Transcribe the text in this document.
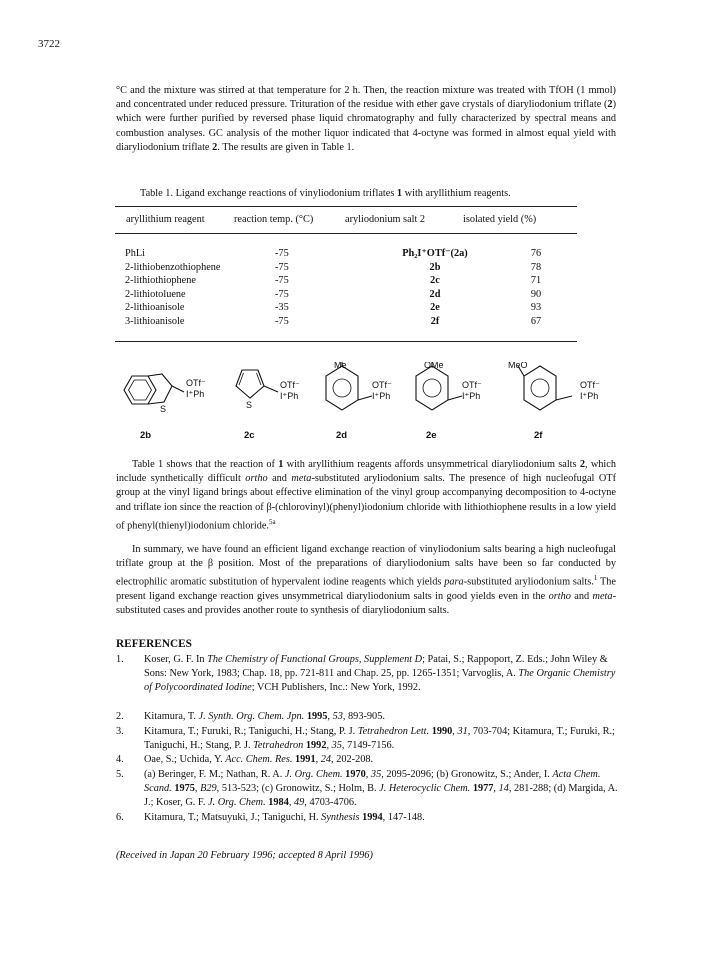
3722

°C and the mixture was stirred at that temperature for 2 h. Then, the reaction mixture was treated with TfOH (1 mmol) and concentrated under reduced pressure. Trituration of the residue with ether gave crystals of diaryliodonium triflate (2) which were further purified by reversed phase liquid chromatography and fully characterized by spectral means and combustion analyses. GC analysis of the mother liquor indicated that 4-octyne was formed in almost equal yield with diaryliodonium triflate 2. The results are given in Table 1.

Table 1. Ligand exchange reactions of vinyliodonium triflates 1 with aryllithium reagents.
aryllithium reagent	reaction temp. (°C)	aryliodonium salt 2	isolated yield (%)
PhLi	-75	Ph₂I⁺OTf⁻(2a)	76
2-lithiobenzothiophene	-75	2b	78
2-lithiothiophene	-75	2c	71
2-lithiotoluene	-75	2d	90
2-lithioanisole	-35	2e	93
3-lithioanisole	-75	2f	67
OTf⁻
I⁺Ph
S
OTf⁻
I⁺Ph
S
Me
OTf⁻
I⁺Ph
OMe
OTf⁻
I⁺Ph
MeO
OTf⁻
I⁺Ph
2b	2c	2d	2e	2f

Table 1 shows that the reaction of 1 with aryllithium reagents affords unsymmetrical diaryliodonium salts 2, which include synthetically difficult ortho and meta-substituted aryliodonium salts. The presence of high nucleofugal OTf group at the vinyl ligand brings about effective elimination of the vinyl group accompanying decomposition to 4-octyne and triflate ion since the reaction of β-(chlorovinyl)(phenyl)iodonium chloride with lithiothiophene results in a low yield of phenyl(thienyl)iodonium chloride.$^{5a}$

In summary, we have found an efficient ligand exchange reaction of vinyliodonium salts bearing a high nucleofugal triflate group at the β position. Most of the preparations of diaryliodonium salts have been so far conducted by electrophilic aromatic substitution of hypervalent iodine reagents which yields para-substituted aryliodonium salts.$^1$ The present ligand exchange reaction gives unsymmetrical diaryliodonium salts in good yields even in the ortho and meta-substituted cases and provides another route to synthesis of diaryliodonium salts.

REFERENCES
1. Koser, G. F. In The Chemistry of Functional Groups, Supplement D; Patai, S.; Rappoport, Z. Eds.; John Wiley & Sons: New York, 1983; Chap. 18, pp. 721-811 and Chap. 25, pp. 1265-1351; Varvoglis, A. The Organic Chemistry of Polycoordinated Iodine; VCH Publishers, Inc.: New York, 1992.
2. Kitamura, T. J. Synth. Org. Chem. Jpn. 1995, 53, 893-905.
3. Kitamura, T.; Furuki, R.; Taniguchi, H.; Stang, P. J. Tetrahedron Lett. 1990, 31, 703-704; Kitamura, T.; Furuki, R.; Taniguchi, H.; Stang, P. J. Tetrahedron 1992, 35, 7149-7156.
4. Oae, S.; Uchida, Y. Acc. Chem. Res. 1991, 24, 202-208.
5. (a) Beringer, F. M.; Nathan, R. A. J. Org. Chem. 1970, 35, 2095-2096; (b) Gronowitz, S.; Ander, I. Acta Chem. Scand. 1975, B29, 513-523; (c) Gronowitz, S.; Holm, B. J. Heterocyclic Chem. 1977, 14, 281-288; (d) Margida, A. J.; Koser, G. F. J. Org. Chem. 1984, 49, 4703-4706.
6. Kitamura, T.; Matsuyuki, J.; Taniguchi, H. Synthesis 1994, 147-148.
(Received in Japan 20 February 1996; accepted 8 April 1996)
